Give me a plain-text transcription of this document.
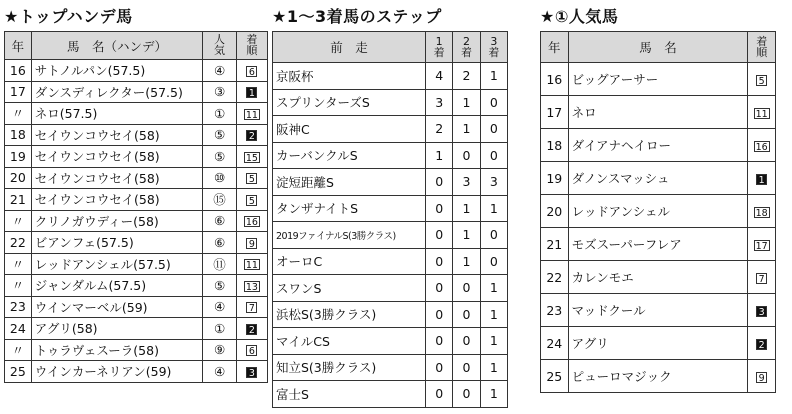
★トップハンデ馬
年	馬　名（ハンデ）	人気	着順
16	サトノルパン(57.5)	④	6
17	ダンスディレクター(57.5)	③	1
〃	ネロ(57.5)	①	11
18	セイウンコウセイ(58)	⑤	2
19	セイウンコウセイ(58)	⑤	15
20	セイウンコウセイ(58)	⑩	5
21	セイウンコウセイ(58)	⑮	5
〃	クリノガウディー(58)	⑥	16
22	ビアンフェ(57.5)	⑥	9
〃	レッドアンシェル(57.5)	⑪	11
〃	ジャンダルム(57.5)	⑤	13
23	ウインマーベル(59)	④	7
24	アグリ(58)	①	2
〃	トゥラヴェスーラ(58)	⑨	6
25	ウインカーネリアン(59)	④	3
★1〜3着馬のステップ
前　走	1着	2着	3着
京阪杯	4	2	1
スプリンターズS	3	1	0
阪神C	2	1	0
カーバンクルS	1	0	0
淀短距離S	0	3	3
タンザナイトS	0	1	1
2019ファイナルS(3勝クラス)	0	1	0
オーロC	0	1	0
スワンS	0	0	1
浜松S(3勝クラス)	0	0	1
マイルCS	0	0	1
知立S(3勝クラス)	0	0	1
富士S	0	0	1
★①人気馬
年	馬　名	着順
16	ビッグアーサー	5
17	ネロ	11
18	ダイアナヘイロー	16
19	ダノンスマッシュ	1
20	レッドアンシェル	18
21	モズスーパーフレア	17
22	カレンモエ	7
23	マッドクール	3
24	アグリ	2
25	ピューロマジック	9
